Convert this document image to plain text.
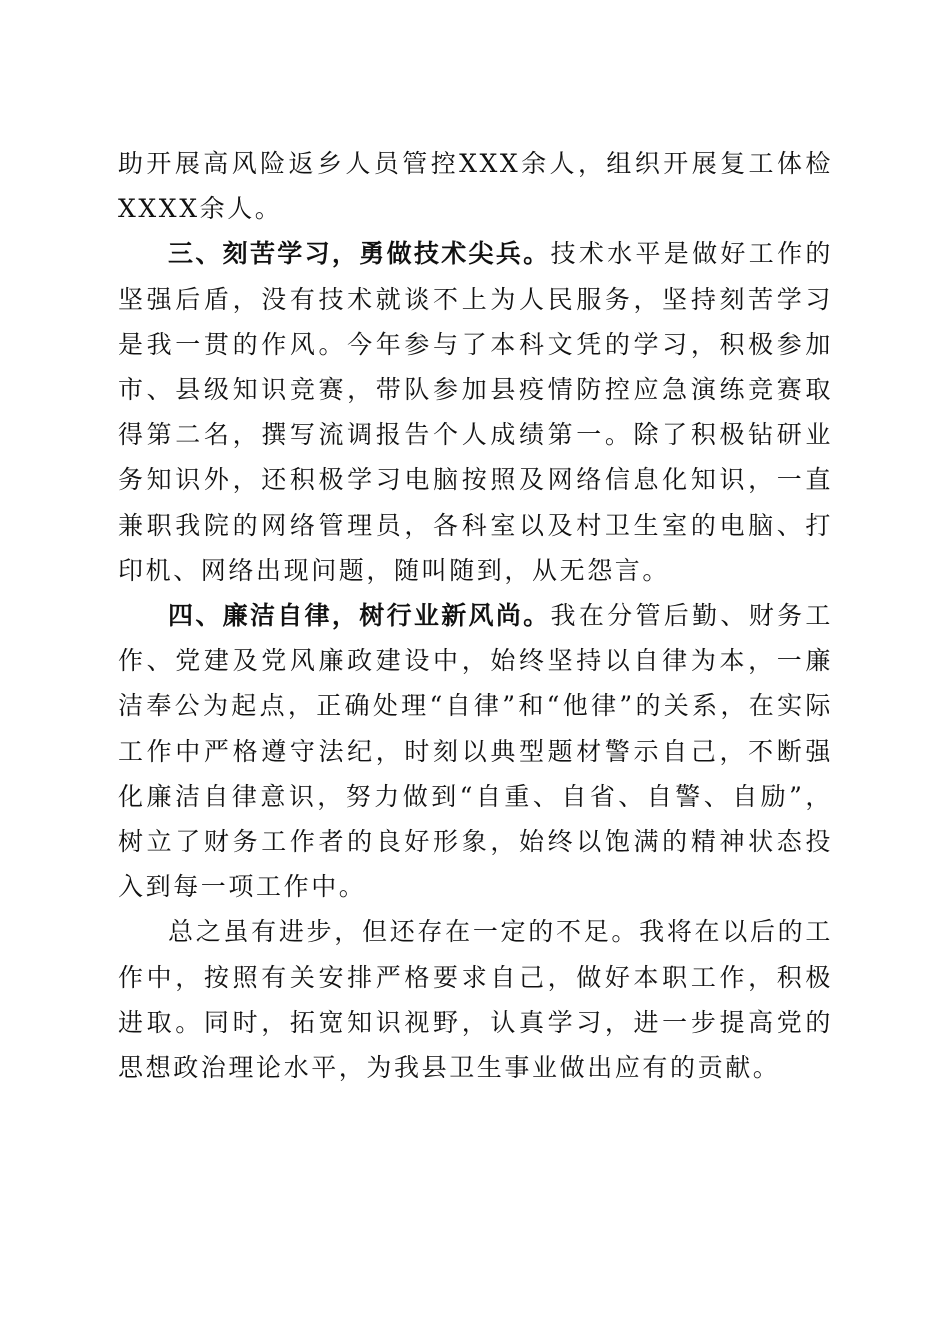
助开展高风险返乡人员管控XXX余人，组织开展复工体检XXXX余人。

三、刻苦学习，勇做技术尖兵。技术水平是做好工作的坚强后盾，没有技术就谈不上为人民服务，坚持刻苦学习是我一贯的作风。今年参与了本科文凭的学习，积极参加市、县级知识竞赛，带队参加县疫情防控应急演练竞赛取得第二名，撰写流调报告个人成绩第一。除了积极钻研业务知识外，还积极学习电脑按照及网络信息化知识，一直兼职我院的网络管理员，各科室以及村卫生室的电脑、打印机、网络出现问题，随叫随到，从无怨言。

四、廉洁自律，树行业新风尚。我在分管后勤、财务工作、党建及党风廉政建设中，始终坚持以自律为本，一廉洁奉公为起点，正确处理“自律”和“他律”的关系，在实际工作中严格遵守法纪，时刻以典型题材警示自己，不断强化廉洁自律意识，努力做到“自重、自省、自警、自励”，树立了财务工作者的良好形象，始终以饱满的精神状态投入到每一项工作中。

总之虽有进步，但还存在一定的不足。我将在以后的工作中，按照有关安排严格要求自己，做好本职工作，积极进取。同时，拓宽知识视野，认真学习，进一步提高党的思想政治理论水平，为我县卫生事业做出应有的贡献。
